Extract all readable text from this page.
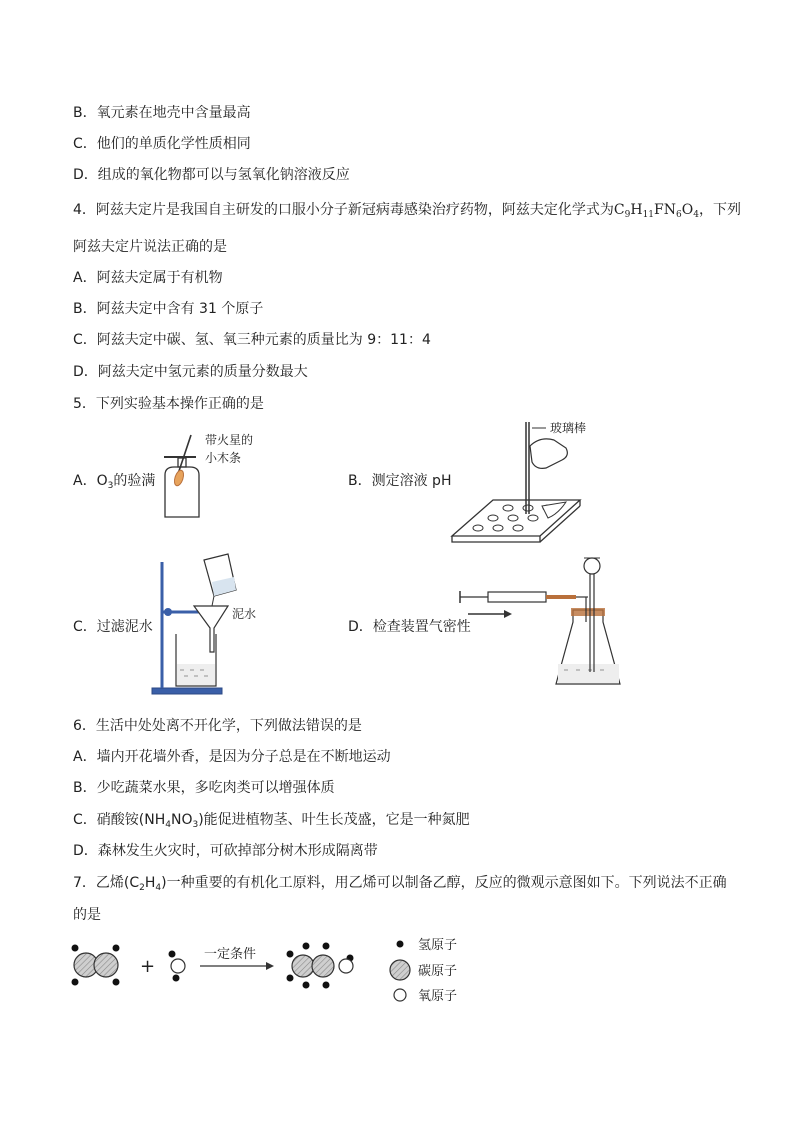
B．氧元素在地壳中含量最高
C．他们的单质化学性质相同
D．组成的氧化物都可以与氢氧化钠溶液反应
4．阿兹夫定片是我国自主研发的口服小分子新冠病毒感染治疗药物，阿兹夫定化学式为$C_9H_{11}FN_6O_4$，下列
阿兹夫定片说法正确的是
A．阿兹夫定属于有机物
B．阿兹夫定中含有 31 个原子
C．阿兹夫定中碳、氢、氧三种元素的质量比为 9：11：4
D．阿兹夫定中氢元素的质量分数最大
5．下列实验基本操作正确的是
A．$O_3$的验满
带火星的
小木条
B．测定溶液 pH
玻璃棒
C．过滤泥水
泥水
D．检查装置气密性
6．生活中处处离不开化学，下列做法错误的是
A．墙内开花墙外香，是因为分子总是在不断地运动
B．少吃蔬菜水果，多吃肉类可以增强体质
C．硝酸铵$(NH_4NO_3)$能促进植物茎、叶生长茂盛，它是一种氮肥
D．森林发生火灾时，可砍掉部分树木形成隔离带
7．乙烯$(C_2H_4)$一种重要的有机化工原料，用乙烯可以制备乙醇，反应的微观示意图如下。下列说法不正确
的是
+
一定条件
氢原子
碳原子
氧原子
